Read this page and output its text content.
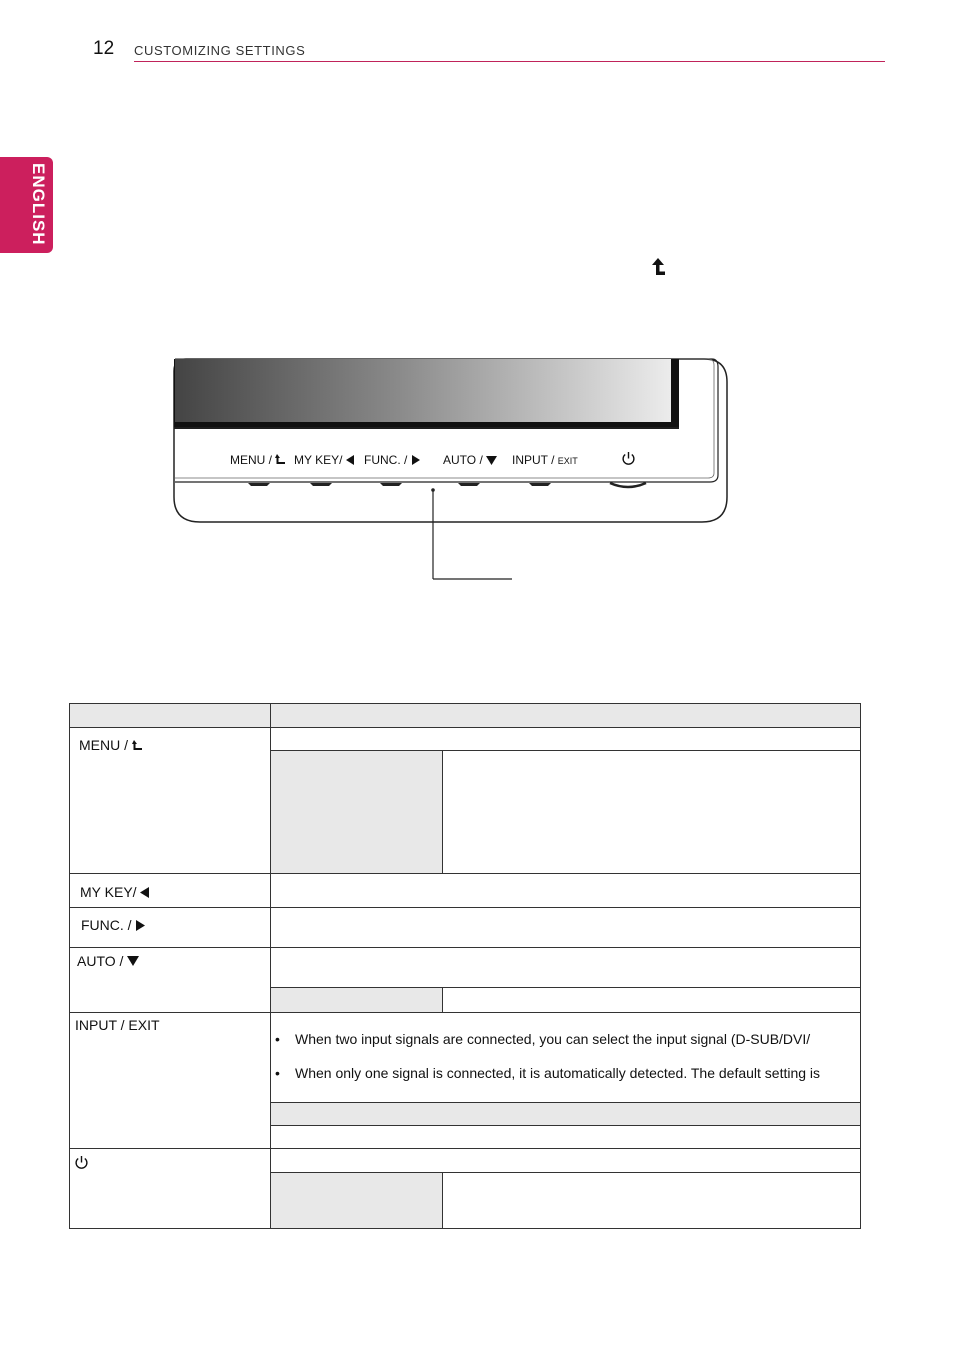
12 CUSTOMIZING SETTINGS
ENGLISH
MENU /	MY KEY/	FUNC. /	AUTO /	INPUT / EXIT
MENU /
MY KEY/
FUNC. /
AUTO /
INPUT / EXIT
• When two input signals are connected, you can select the input signal (D-SUB/DVI/
• When only one signal is connected, it is automatically detected. The default setting is
